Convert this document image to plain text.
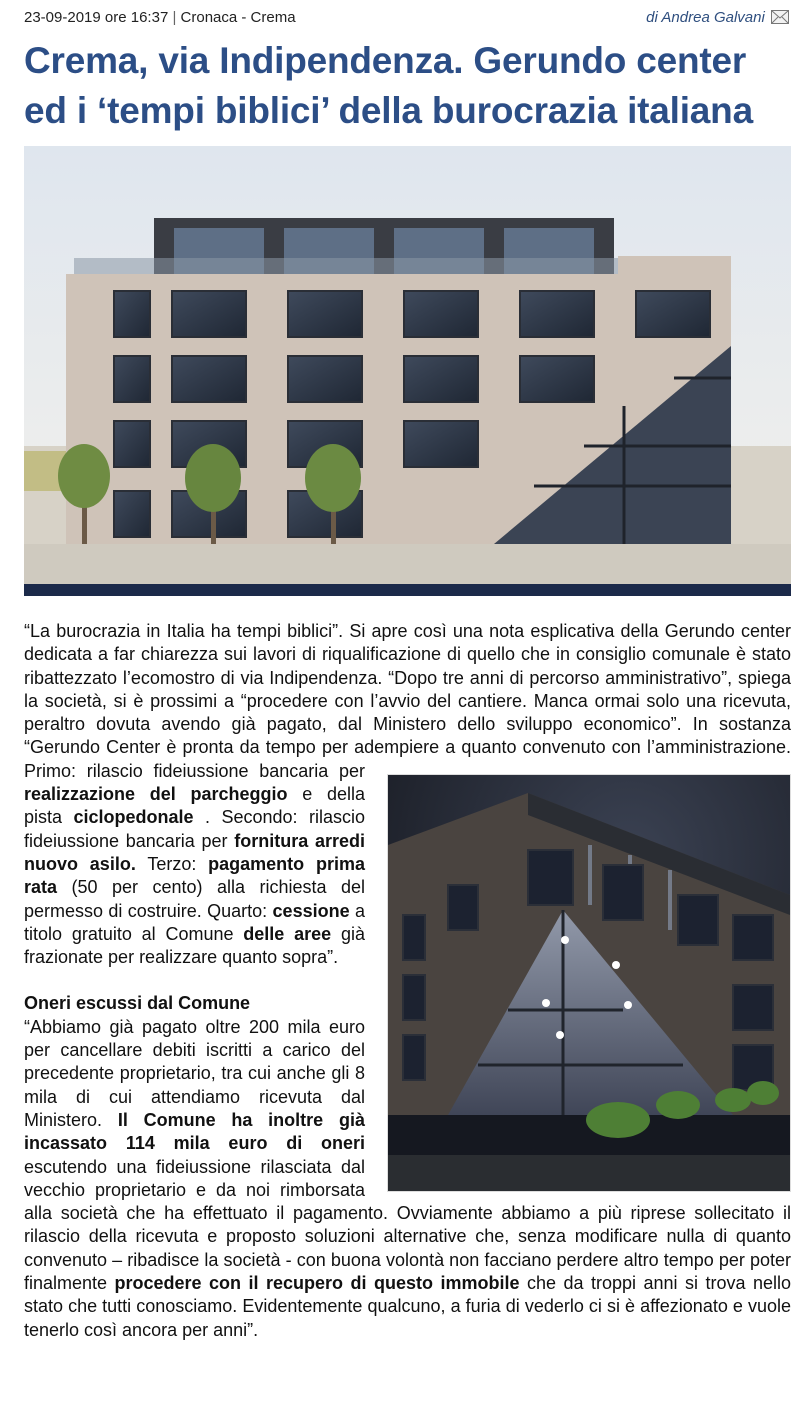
23-09-2019 ore 16:37 | Cronaca - Crema	di Andrea Galvani
Crema, via Indipendenza. Gerundo center ed i ‘tempi biblici’ della burocrazia italiana

“La burocrazia in Italia ha tempi biblici”. Si apre così una nota esplicativa della Gerundo center dedicata a far chiarezza sui lavori di riqualificazione di quello che in consiglio comunale è stato ribattezzato l’ecomostro di via Indipendenza. “Dopo tre anni di percorso amministrativo”, spiega la società, si è prossimi a “procedere con l’avvio del cantiere. Manca ormai solo una ricevuta, peraltro dovuta avendo già pagato, dal Ministero dello sviluppo economico”. In sostanza “Gerundo Center è pronta da tempo per adempiere a quanto convenuto con l’amministrazione. Primo: rilascio fideiussione bancaria per
realizzazione del parcheggio e della pista ciclopedonale . Secondo: rilascio fideiussione bancaria per fornitura arredi nuovo asilo. Terzo: pagamento prima rata (50 per cento) alla richiesta del permesso di costruire. Quarto: cessione a titolo gratuito al Comune delle aree già frazionate per realizzare quanto sopra”.

Oneri escussi dal Comune

“Abbiamo già pagato oltre 200 mila euro per cancellare debiti iscritti a carico del precedente proprietario, tra cui anche gli 8 mila di cui attendiamo ricevuta dal Ministero. Il Comune ha inoltre già incassato 114 mila euro di oneri escutendo una fideiussione rilasciata dal vecchio proprietario e da noi rimborsata alla società che ha effettuato il pagamento. Ovviamente abbiamo a più riprese sollecitato il rilascio della ricevuta e proposto soluzioni alternative che, senza modificare nulla di quanto convenuto – ribadisce la società - con buona volontà non facciano perdere altro tempo per poter finalmente procedere con il recupero di questo immobile che da troppi anni si trova nello stato che tutti conosciamo. Evidentemente qualcuno, a furia di vederlo ci si è affezionato e vuole tenerlo così ancora per anni”.
